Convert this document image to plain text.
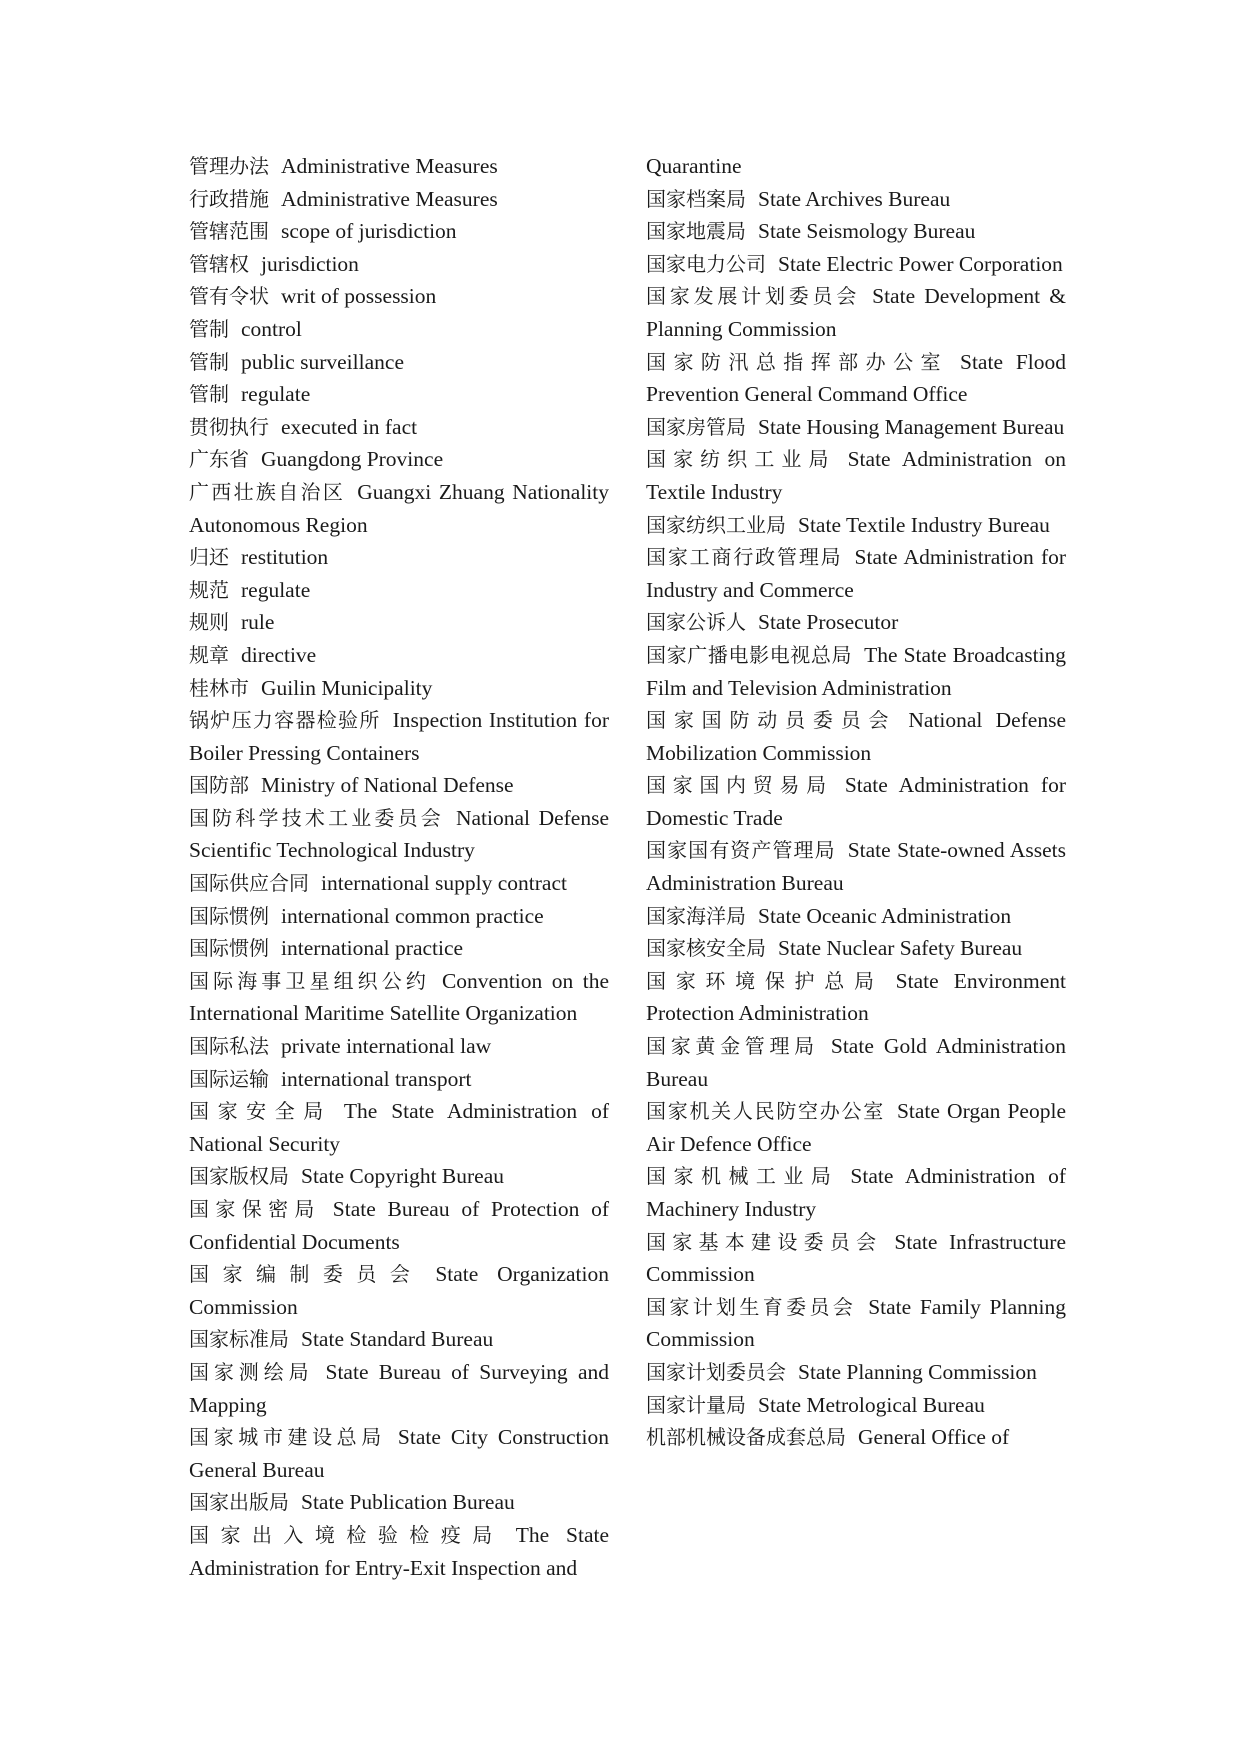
管理办法 Administrative Measures

行政措施 Administrative Measures

管辖范围 scope of jurisdiction

管辖权 jurisdiction

管有令状 writ of possession

管制 control

管制 public surveillance

管制 regulate

贯彻执行 executed in fact

广东省 Guangdong Province

广西壮族自治区 Guangxi Zhuang Nationality Autonomous Region

归还 restitution

规范 regulate

规则 rule

规章 directive

桂林市 Guilin Municipality

锅炉压力容器检验所 Inspection Institution for Boiler Pressing Containers

国防部 Ministry of National Defense

国防科学技术工业委员会 National Defense Scientific Technological Industry

国际供应合同 international supply contract

国际惯例 international common practice

国际惯例 international practice

国际海事卫星组织公约 Convention on the International Maritime Satellite Organization

国际私法 private international law

国际运输 international transport

国家安全局 The State Administration of National Security

国家版权局 State Copyright Bureau

国家保密局 State Bureau of Protection of Confidential Documents

国家编制委员会 State Organization Commission

国家标准局 State Standard Bureau

国家测绘局 State Bureau of Surveying and Mapping

国家城市建设总局 State City Construction General Bureau

国家出版局 State Publication Bureau

国家出入境检验检疫局 The State Administration for Entry-Exit Inspection and

Quarantine

国家档案局 State Archives Bureau

国家地震局 State Seismology Bureau

国家电力公司 State Electric Power Corporation

国家发展计划委员会 State Development & Planning Commission

国家防汛总指挥部办公室 State Flood Prevention General Command Office

国家房管局 State Housing Management Bureau

国家纺织工业局 State Administration on Textile Industry

国家纺织工业局 State Textile Industry Bureau

国家工商行政管理局 State Administration for Industry and Commerce

国家公诉人 State Prosecutor

国家广播电影电视总局 The State Broadcasting Film and Television Administration

国家国防动员委员会 National Defense Mobilization Commission

国家国内贸易局 State Administration for Domestic Trade

国家国有资产管理局 State State-owned Assets Administration Bureau

国家海洋局 State Oceanic Administration

国家核安全局 State Nuclear Safety Bureau

国家环境保护总局 State Environment Protection Administration

国家黄金管理局 State Gold Administration Bureau

国家机关人民防空办公室 State Organ People Air Defence Office

国家机械工业局 State Administration of Machinery Industry

国家基本建设委员会 State Infrastructure Commission

国家计划生育委员会 State Family Planning Commission

国家计划委员会 State Planning Commission

国家计量局 State Metrological Bureau

机部机械设备成套总局 General Office of
